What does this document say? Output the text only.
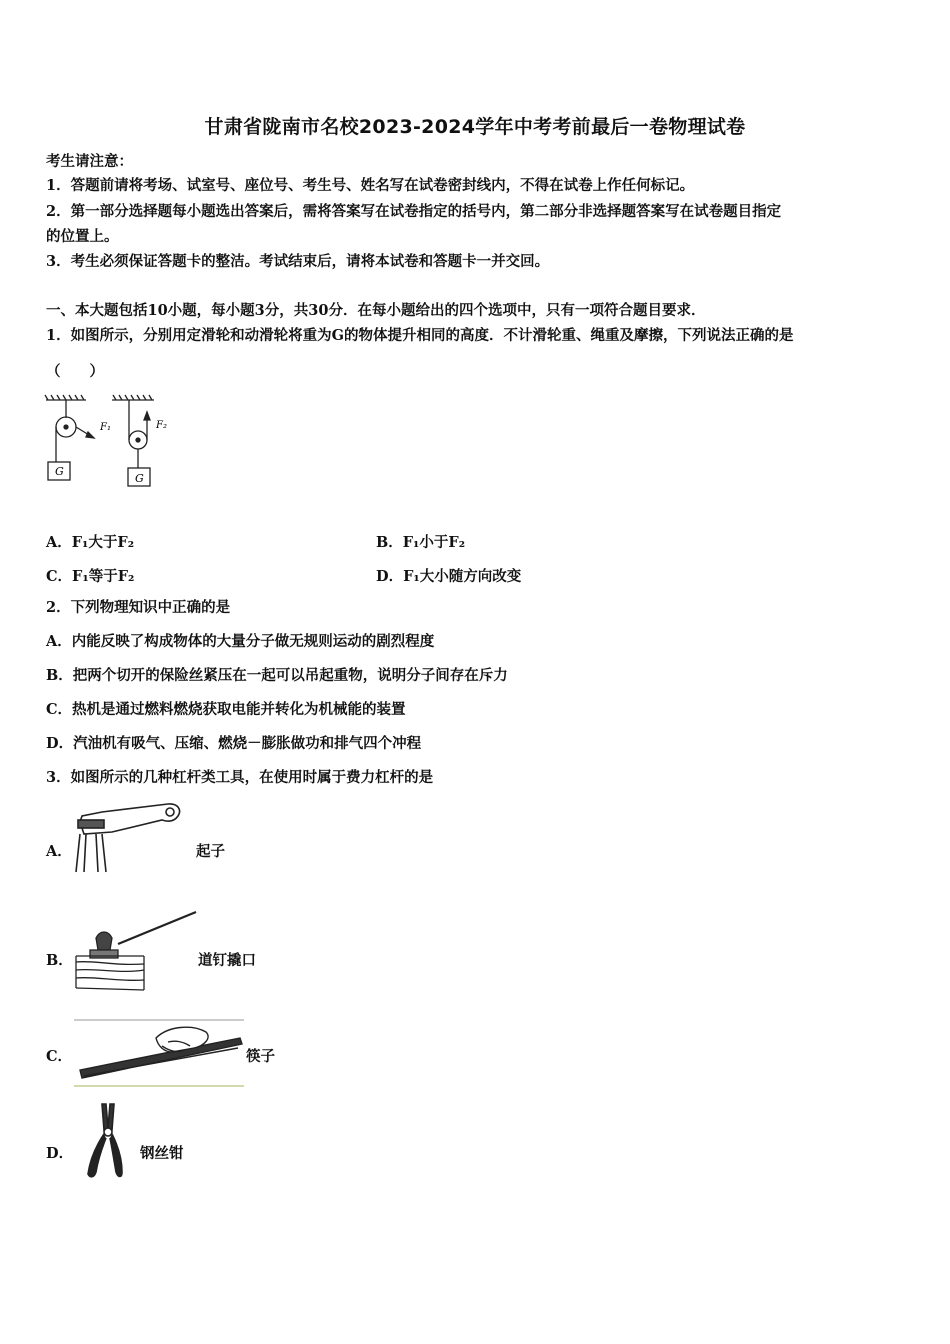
甘肃省陇南市名校2023-2024学年中考考前最后一卷物理试卷
考生请注意：
1．答题前请将考场、试室号、座位号、考生号、姓名写在试卷密封线内，不得在试卷上作任何标记。
2．第一部分选择题每小题选出答案后，需将答案写在试卷指定的括号内，第二部分非选择题答案写在试卷题目指定
的位置上。
3．考生必须保证答题卡的整洁。考试结束后，请将本试卷和答题卡一并交回。
一、本大题包括10小题，每小题3分，共30分．在每小题给出的四个选项中，只有一项符合题目要求．
1．如图所示，分别用定滑轮和动滑轮将重为G的物体提升相同的高度．不计滑轮重、绳重及摩擦，下列说法正确的是
（　　）
F₁
G
F₂
G
A．F₁大于F₂	B．F₁小于F₂
C．F₁等于F₂	D．F₁大小随方向改变
2．下列物理知识中正确的是
A．内能反映了构成物体的大量分子做无规则运动的剧烈程度
B．把两个切开的保险丝紧压在一起可以吊起重物，说明分子间存在斥力
C．热机是通过燃料燃烧获取电能并转化为机械能的装置
D．汽油机有吸气、压缩、燃烧－膨胀做功和排气四个冲程
3．如图所示的几种杠杆类工具，在使用时属于费力杠杆的是
A．	起子
B．	道钉撬口
C．	筷子
D．	钢丝钳
